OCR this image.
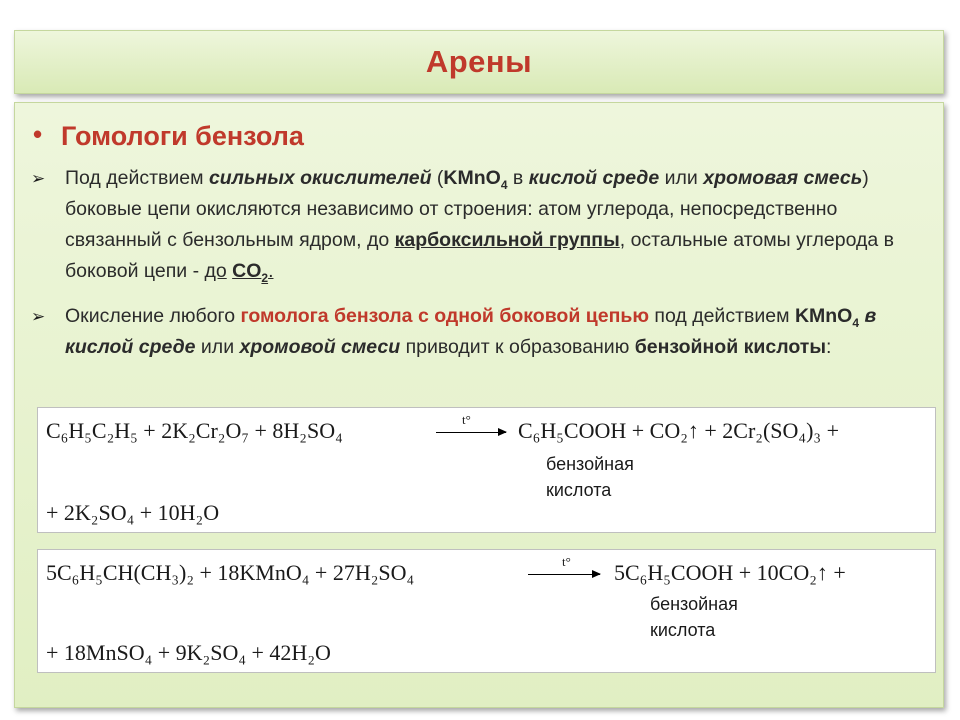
Арены
• Гомологи бензола
➢ Под действием сильных окислителей (KMnO$_4$ в кислой среде или хромовая смесь) боковые цепи окисляются независимо от строения: атом углерода, непосредственно связанный с бензольным ядром, до карбоксильной группы, остальные атомы углерода в боковой цепи - до $CO_2$.
➢ Окисление любого гомолога бензола с одной боковой цепью под действием KMnO$_4$ в кислой среде или хромовой смеси приводит к образованию бензойной кислоты:
C₆H₅C₂H₅ + 2K₂Cr₂O₇ + 8H₂SO₄	t° C₆H₅COOH + CO₂↑ + 2Cr₂(SO₄)₃ +
бензойная
кислота
+ 2K₂SO₄ + 10H₂O
5C₆H₅CH(CH₃)₂ + 18KMnO₄ + 27H₂SO₄	t° 5C₆H₅COOH + 10CO₂↑ +
бензойная
кислота
+ 18MnSO₄ + 9K₂SO₄ + 42H₂O
